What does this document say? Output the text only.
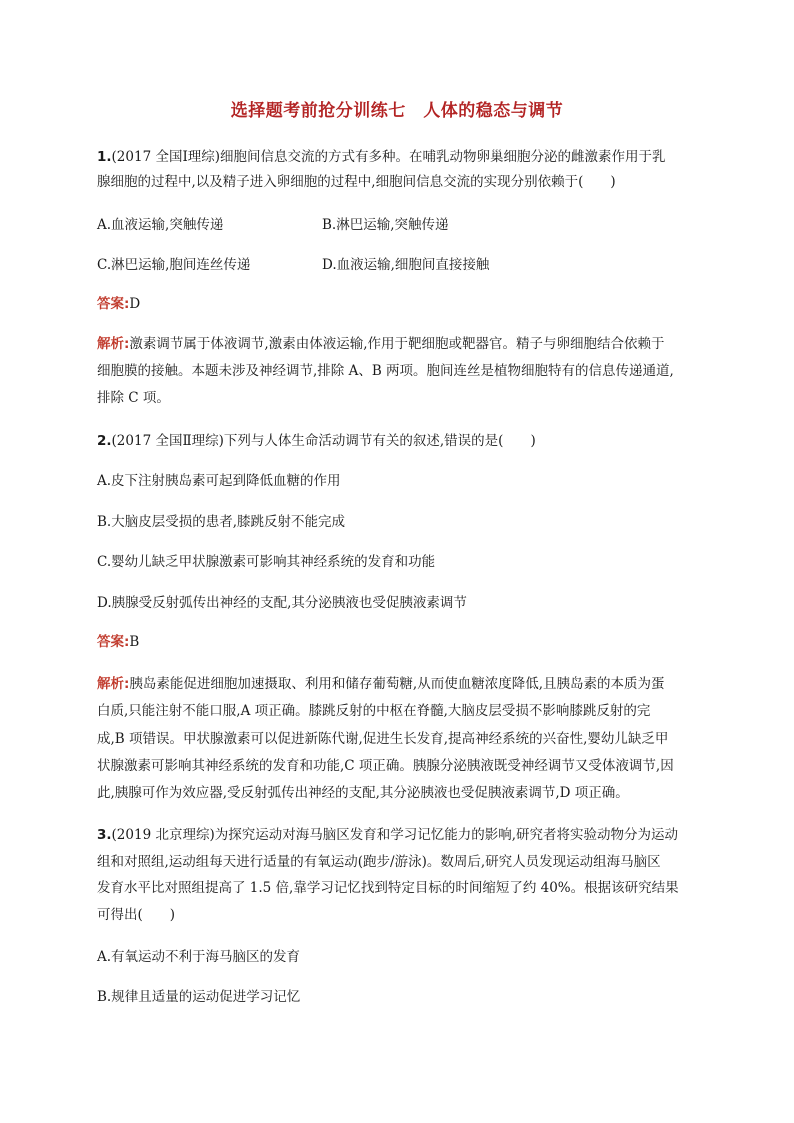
选择题考前抢分训练七　人体的稳态与调节
1.(2017 全国Ⅰ理综)细胞间信息交流的方式有多种。在哺乳动物卵巢细胞分泌的雌激素作用于乳
腺细胞的过程中,以及精子进入卵细胞的过程中,细胞间信息交流的实现分别依赖于(　　)
A.血液运输,突触传递	B.淋巴运输,突触传递
C.淋巴运输,胞间连丝传递	D.血液运输,细胞间直接接触
答案:D
解析:激素调节属于体液调节,激素由体液运输,作用于靶细胞或靶器官。精子与卵细胞结合依赖于
细胞膜的接触。本题未涉及神经调节,排除 A、B 两项。胞间连丝是植物细胞特有的信息传递通道,
排除 C 项。
2.(2017 全国Ⅱ理综)下列与人体生命活动调节有关的叙述,错误的是(　　)
A.皮下注射胰岛素可起到降低血糖的作用
B.大脑皮层受损的患者,膝跳反射不能完成
C.婴幼儿缺乏甲状腺激素可影响其神经系统的发育和功能
D.胰腺受反射弧传出神经的支配,其分泌胰液也受促胰液素调节
答案:B
解析:胰岛素能促进细胞加速摄取、利用和储存葡萄糖,从而使血糖浓度降低,且胰岛素的本质为蛋
白质,只能注射不能口服,A 项正确。膝跳反射的中枢在脊髓,大脑皮层受损不影响膝跳反射的完
成,B 项错误。甲状腺激素可以促进新陈代谢,促进生长发育,提高神经系统的兴奋性,婴幼儿缺乏甲
状腺激素可影响其神经系统的发育和功能,C 项正确。胰腺分泌胰液既受神经调节又受体液调节,因
此,胰腺可作为效应器,受反射弧传出神经的支配,其分泌胰液也受促胰液素调节,D 项正确。
3.(2019 北京理综)为探究运动对海马脑区发育和学习记忆能力的影响,研究者将实验动物分为运动
组和对照组,运动组每天进行适量的有氧运动(跑步/游泳)。数周后,研究人员发现运动组海马脑区
发育水平比对照组提高了 1.5 倍,靠学习记忆找到特定目标的时间缩短了约 40%。根据该研究结果
可得出(　　)
A.有氧运动不利于海马脑区的发育
B.规律且适量的运动促进学习记忆
